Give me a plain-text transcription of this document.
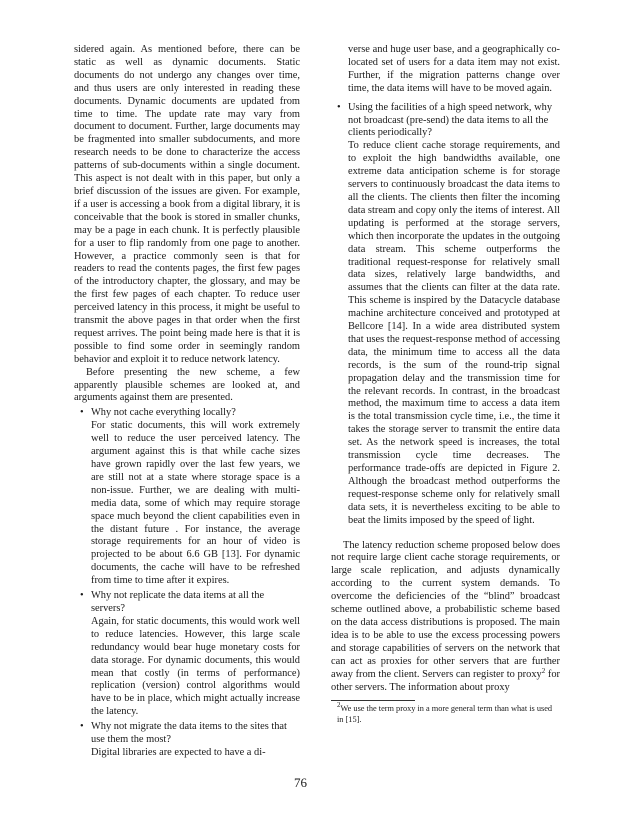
sidered again. As mentioned before, there can be static as well as dynamic documents. Static documents do not undergo any changes over time, and thus users are only interested in reading these documents. Dynamic documents are updated from time to time. The update rate may vary from document to document. Further, large documents may be fragmented into smaller subdocuments, and more research needs to be done to characterize the access patterns of sub-documents within a single document. This aspect is not dealt with in this paper, but only a brief discussion of the issues are given. For example, if a user is accessing a book from a digital library, it is conceivable that the book is stored in smaller chunks, may be a page in each chunk. It is perfectly plausible for a user to flip randomly from one page to another. However, a practice commonly seen is that for readers to read the contents pages, the first few pages of the introductory chapter, the glossary, and may be the first few pages of each chapter. To reduce user perceived latency in this process, it might be useful to transmit the above pages in that order when the first request arrives. The point being made here is that it is possible to find some order in seemingly random behavior and exploit it to reduce network latency.

Before presenting the new scheme, a few apparently plausible schemes are looked at, and arguments against them are presented.

• Why not cache everything locally?

For static documents, this will work extremely well to reduce the user perceived latency. The argument against this is that while cache sizes have grown rapidly over the last few years, we are still not at a state where storage space is a non-issue. Further, we are dealing with multi-media data, some of which may require storage space much beyond the client capabilities even in the distant future . For instance, the average storage requirements for an hour of video is projected to be about 6.6 GB [13]. For dynamic documents, the cache will have to be refreshed from time to time after it expires.

• Why not replicate the data items at all the servers?

Again, for static documents, this would work well to reduce latencies. However, this large scale redundancy would bear huge monetary costs for data storage. For dynamic documents, this would mean that costly (in terms of performance) replication (version) control algorithms would have to be in place, which might actually increase the latency.

• Why not migrate the data items to the sites that use them the most?

Digital libraries are expected to have a di-

verse and huge user base, and a geographically co-located set of users for a data item may not exist. Further, if the migration patterns change over time, the data items will have to be moved again.

• Using the facilities of a high speed network, why not broadcast (pre-send) the data items to all the clients periodically?

To reduce client cache storage requirements, and to exploit the high bandwidths available, one extreme data anticipation scheme is for storage servers to continuously broadcast the data items to all the clients. The clients then filter the incoming data stream and copy only the items of interest. All updating is performed at the storage servers, which then incorporate the updates in the outgoing data stream. This scheme outperforms the traditional request-response for relatively small data sizes, relatively large bandwidths, and assumes that the clients can filter at the data rate. This scheme is inspired by the Datacycle database machine architecture conceived and prototyped at Bellcore [14]. In a wide area distributed system that uses the request-response method of accessing data, the minimum time to access all the data records, is the sum of the round-trip signal propagation delay and the transmission time for the relevant records. In contrast, in the broadcast method, the maximum time to access a data item is the total transmission cycle time, i.e., the time it takes the storage server to transmit the entire data set. As the network speed is increases, the total transmission cycle time decreases. The performance trade-offs are depicted in Figure 2. Although the broadcast method outperforms the request-response scheme only for relatively small data sets, it is nevertheless exciting to be able to beat the limits imposed by the speed of light.

The latency reduction scheme proposed below does not require large client cache storage requirements, or large scale replication, and adjusts dynamically according to the current system demands. To overcome the deficiencies of the “blind” broadcast scheme outlined above, a probabilistic scheme based on the data access distributions is proposed. The main idea is to be able to use the excess processing powers and storage capabilities of servers on the network that can act as proxies for other servers that are further away from the client. Servers can register to proxy$^2$ for other servers. The information about proxy

$^2$We use the term proxy in a more general term than what is used in [15].

76
